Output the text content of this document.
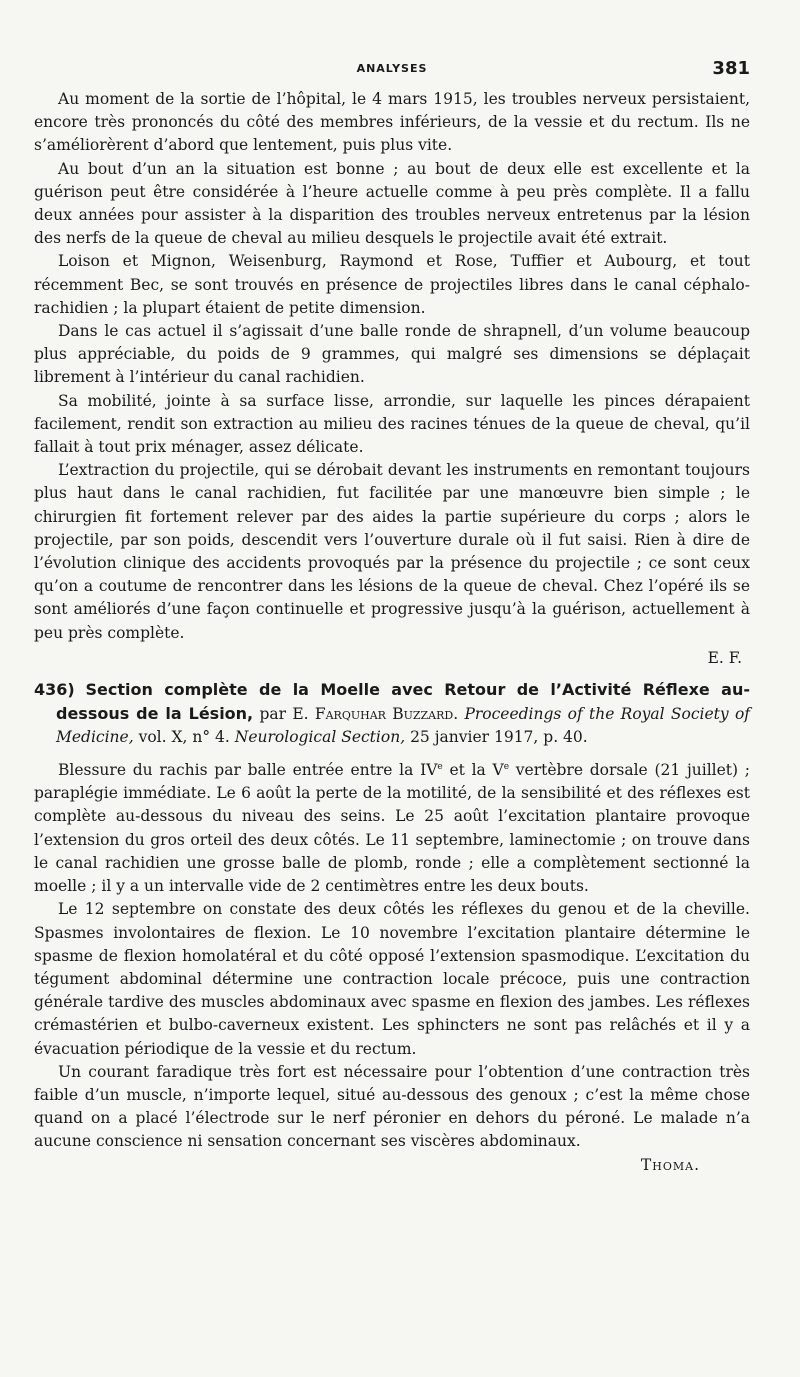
ANALYSES	381

Au moment de la sortie de l’hôpital, le 4 mars 1915, les troubles nerveux persistaient, encore très prononcés du côté des membres inférieurs, de la vessie et du rectum. Ils ne s’améliorèrent d’abord que lentement, puis plus vite.

Au bout d’un an la situation est bonne ; au bout de deux elle est excellente et la guérison peut être considérée à l’heure actuelle comme à peu près complète. Il a fallu deux années pour assister à la disparition des troubles nerveux entretenus par la lésion des nerfs de la queue de cheval au milieu desquels le projectile avait été extrait.

Loison et Mignon, Weisenburg, Raymond et Rose, Tuffier et Aubourg, et tout récemment Bec, se sont trouvés en présence de projectiles libres dans le canal céphalo-rachidien ; la plupart étaient de petite dimension.

Dans le cas actuel il s’agissait d’une balle ronde de shrapnell, d’un volume beaucoup plus appréciable, du poids de 9 grammes, qui malgré ses dimensions se déplaçait librement à l’intérieur du canal rachidien.

Sa mobilité, jointe à sa surface lisse, arrondie, sur laquelle les pinces dérapaient facilement, rendit son extraction au milieu des racines ténues de la queue de cheval, qu’il fallait à tout prix ménager, assez délicate.

L’extraction du projectile, qui se dérobait devant les instruments en remontant toujours plus haut dans le canal rachidien, fut facilitée par une manœuvre bien simple ; le chirurgien fit fortement relever par des aides la partie supérieure du corps ; alors le projectile, par son poids, descendit vers l’ouverture durale où il fut saisi. Rien à dire de l’évolution clinique des accidents provoqués par la présence du projectile ; ce sont ceux qu’on a coutume de rencontrer dans les lésions de la queue de cheval. Chez l’opéré ils se sont améliorés d’une façon continuelle et progressive jusqu’à la guérison, actuellement à peu près complète.

E. F.
436) Section complète de la Moelle avec Retour de l’Activité Réflexe au-dessous de la Lésion, par E. Farquhar Buzzard. Proceedings of the Royal Society of Medicine, vol. X, n° 4. Neurological Section, 25 janvier 1917, p. 40.

Blessure du rachis par balle entrée entre la IVe et la Ve vertèbre dorsale (21 juillet) ; paraplégie immédiate. Le 6 août la perte de la motilité, de la sensibilité et des réflexes est complète au-dessous du niveau des seins. Le 25 août l’excitation plantaire provoque l’extension du gros orteil des deux côtés. Le 11 septembre, laminectomie ; on trouve dans le canal rachidien une grosse balle de plomb, ronde ; elle a complètement sectionné la moelle ; il y a un intervalle vide de 2 centimètres entre les deux bouts.

Le 12 septembre on constate des deux côtés les réflexes du genou et de la cheville. Spasmes involontaires de flexion. Le 10 novembre l’excitation plantaire détermine le spasme de flexion homolatéral et du côté opposé l’extension spasmodique. L’excitation du tégument abdominal détermine une contraction locale précoce, puis une contraction générale tardive des muscles abdominaux avec spasme en flexion des jambes. Les réflexes crémastérien et bulbo-caverneux existent. Les sphincters ne sont pas relâchés et il y a évacuation périodique de la vessie et du rectum.

Un courant faradique très fort est nécessaire pour l’obtention d’une contraction très faible d’un muscle, n’importe lequel, situé au-dessous des genoux ; c’est la même chose quand on a placé l’électrode sur le nerf péronier en dehors du péroné. Le malade n’a aucune conscience ni sensation concernant ses viscères abdominaux.

Thoma.
